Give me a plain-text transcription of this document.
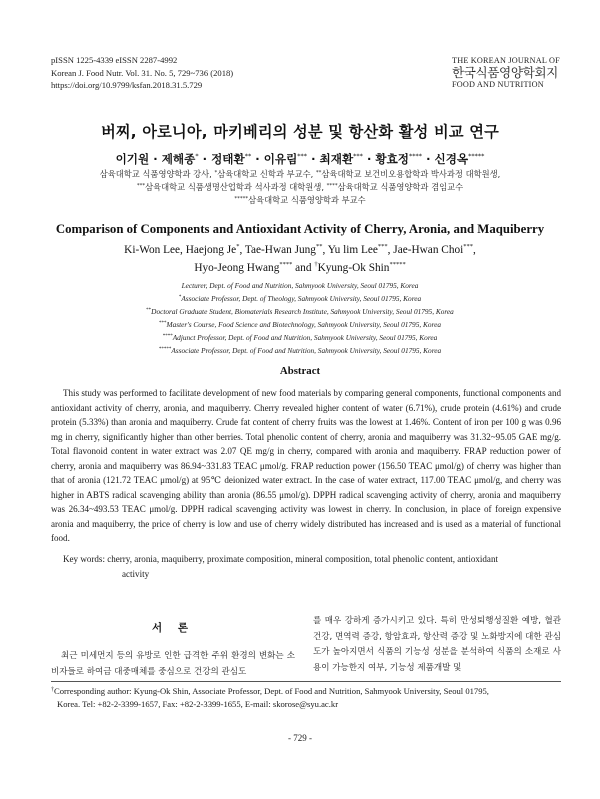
pISSN 1225-4339 eISSN 2287-4992
Korean J. Food Nutr. Vol. 31. No. 5, 729~736 (2018)
https://doi.org/10.9799/ksfan.2018.31.5.729
THE KOREAN JOURNAL OF
한국식품영양학회지
FOOD AND NUTRITION
버찌, 아로니아, 마키베리의 성분 및 항산화 활성 비교 연구
이기원 · 제해종* · 정태환** · 이유림*** · 최재환*** · 황효정**** · 신경옥*****
삼육대학교 식품영양학과 강사, *삼육대학교 신학과 부교수, **삼육대학교 보건비오용합학과 박사과정 대학원생,
***삼육대학교 식품생명산업학과 석사과정 대학원생, ****삼육대학교 식품영양학과 겸임교수
*****삼육대학교 식품영양학과 부교수
Comparison of Components and Antioxidant Activity of Cherry, Aronia, and Maquiberry
Ki-Won Lee, Haejong Je*, Tae-Hwan Jung**, Yu lim Lee***, Jae-Hwan Choi***,
Hyo-Jeong Hwang**** and †Kyung-Ok Shin*****
Lecturer, Dept. of Food and Nutrition, Sahmyook University, Seoul 01795, Korea
*Associate Professor, Dept. of Theology, Sahmyook University, Seoul 01795, Korea
**Doctoral Graduate Student, Biomaterials Research Institute, Sahmyook University, Seoul 01795, Korea
***Master's Course, Food Science and Biotechnology, Sahmyook University, Seoul 01795, Korea
****Adjunct Professor, Dept. of Food and Nutrition, Sahmyook University, Seoul 01795, Korea
*****Associate Professor, Dept. of Food and Nutrition, Sahmyook University, Seoul 01795, Korea
Abstract
This study was performed to facilitate development of new food materials by comparing general components, functional components and antioxidant activity of cherry, aronia, and maquiberry. Cherry revealed higher content of water (6.71%), crude protein (4.61%) and crude protein (5.33%) than aronia and maquiberry. Crude fat content of cherry fruits was the lowest at 1.46%. Content of iron per 100 g was 0.96 mg in cherry, significantly higher than other berries. Total phenolic content of cherry, aronia and maquiberry was 31.32~95.05 GAE mg/g. Total flavonoid content in water extract was 2.07 QE mg/g in cherry, compared with aronia and maquiberry. FRAP reduction power of cherry, aronia and maquiberry was 86.94~331.83 TEAC μmol/g. FRAP reduction power (156.50 TEAC μmol/g) of cherry was higher than that of aronia (121.72 TEAC μmol/g) at 95℃ deionized water extract. In the case of water extract, 117.00 TEAC μmol/g, and cherry was higher in ABTS radical scavenging ability than aronia (86.55 μmol/g). DPPH radical scavenging activity of cherry, aronia and maquiberry was 26.34~493.53 TEAC μmol/g. DPPH radical scavenging activity was lowest in cherry. In conclusion, in place of foreign expensive aronia and maquiberry, the price of cherry is low and use of cherry widely distributed has increased and is used as a material of functional food.
Key words: cherry, aronia, maquiberry, proximate composition, mineral composition, total phenolic content, antioxidant
activity
서 론
최근 미세먼지 등의 유방로 인한 급격한 주위 환경의 변화는 소비자들로 하여금 대중매체를 중심으로 건강의 관심도
를 매우 강하게 증가시키고 있다. 특히 만성퇴행성질환 예방, 혈관건강, 면역력 증강, 항암효과, 항산력 증강 및 노화방지에 대한 관심도가 높아지면서 식품의 기능성 성분을 분석하여 식품의 소재로 사용이 가능한지 여부, 기능성 제품개발 및
†Corresponding author: Kyung-Ok Shin, Associate Professor, Dept. of Food and Nutrition, Sahmyook University, Seoul 01795,
Korea. Tel: +82-2-3399-1657, Fax: +82-2-3399-1655, E-mail: skorose@syu.ac.kr
- 729 -
